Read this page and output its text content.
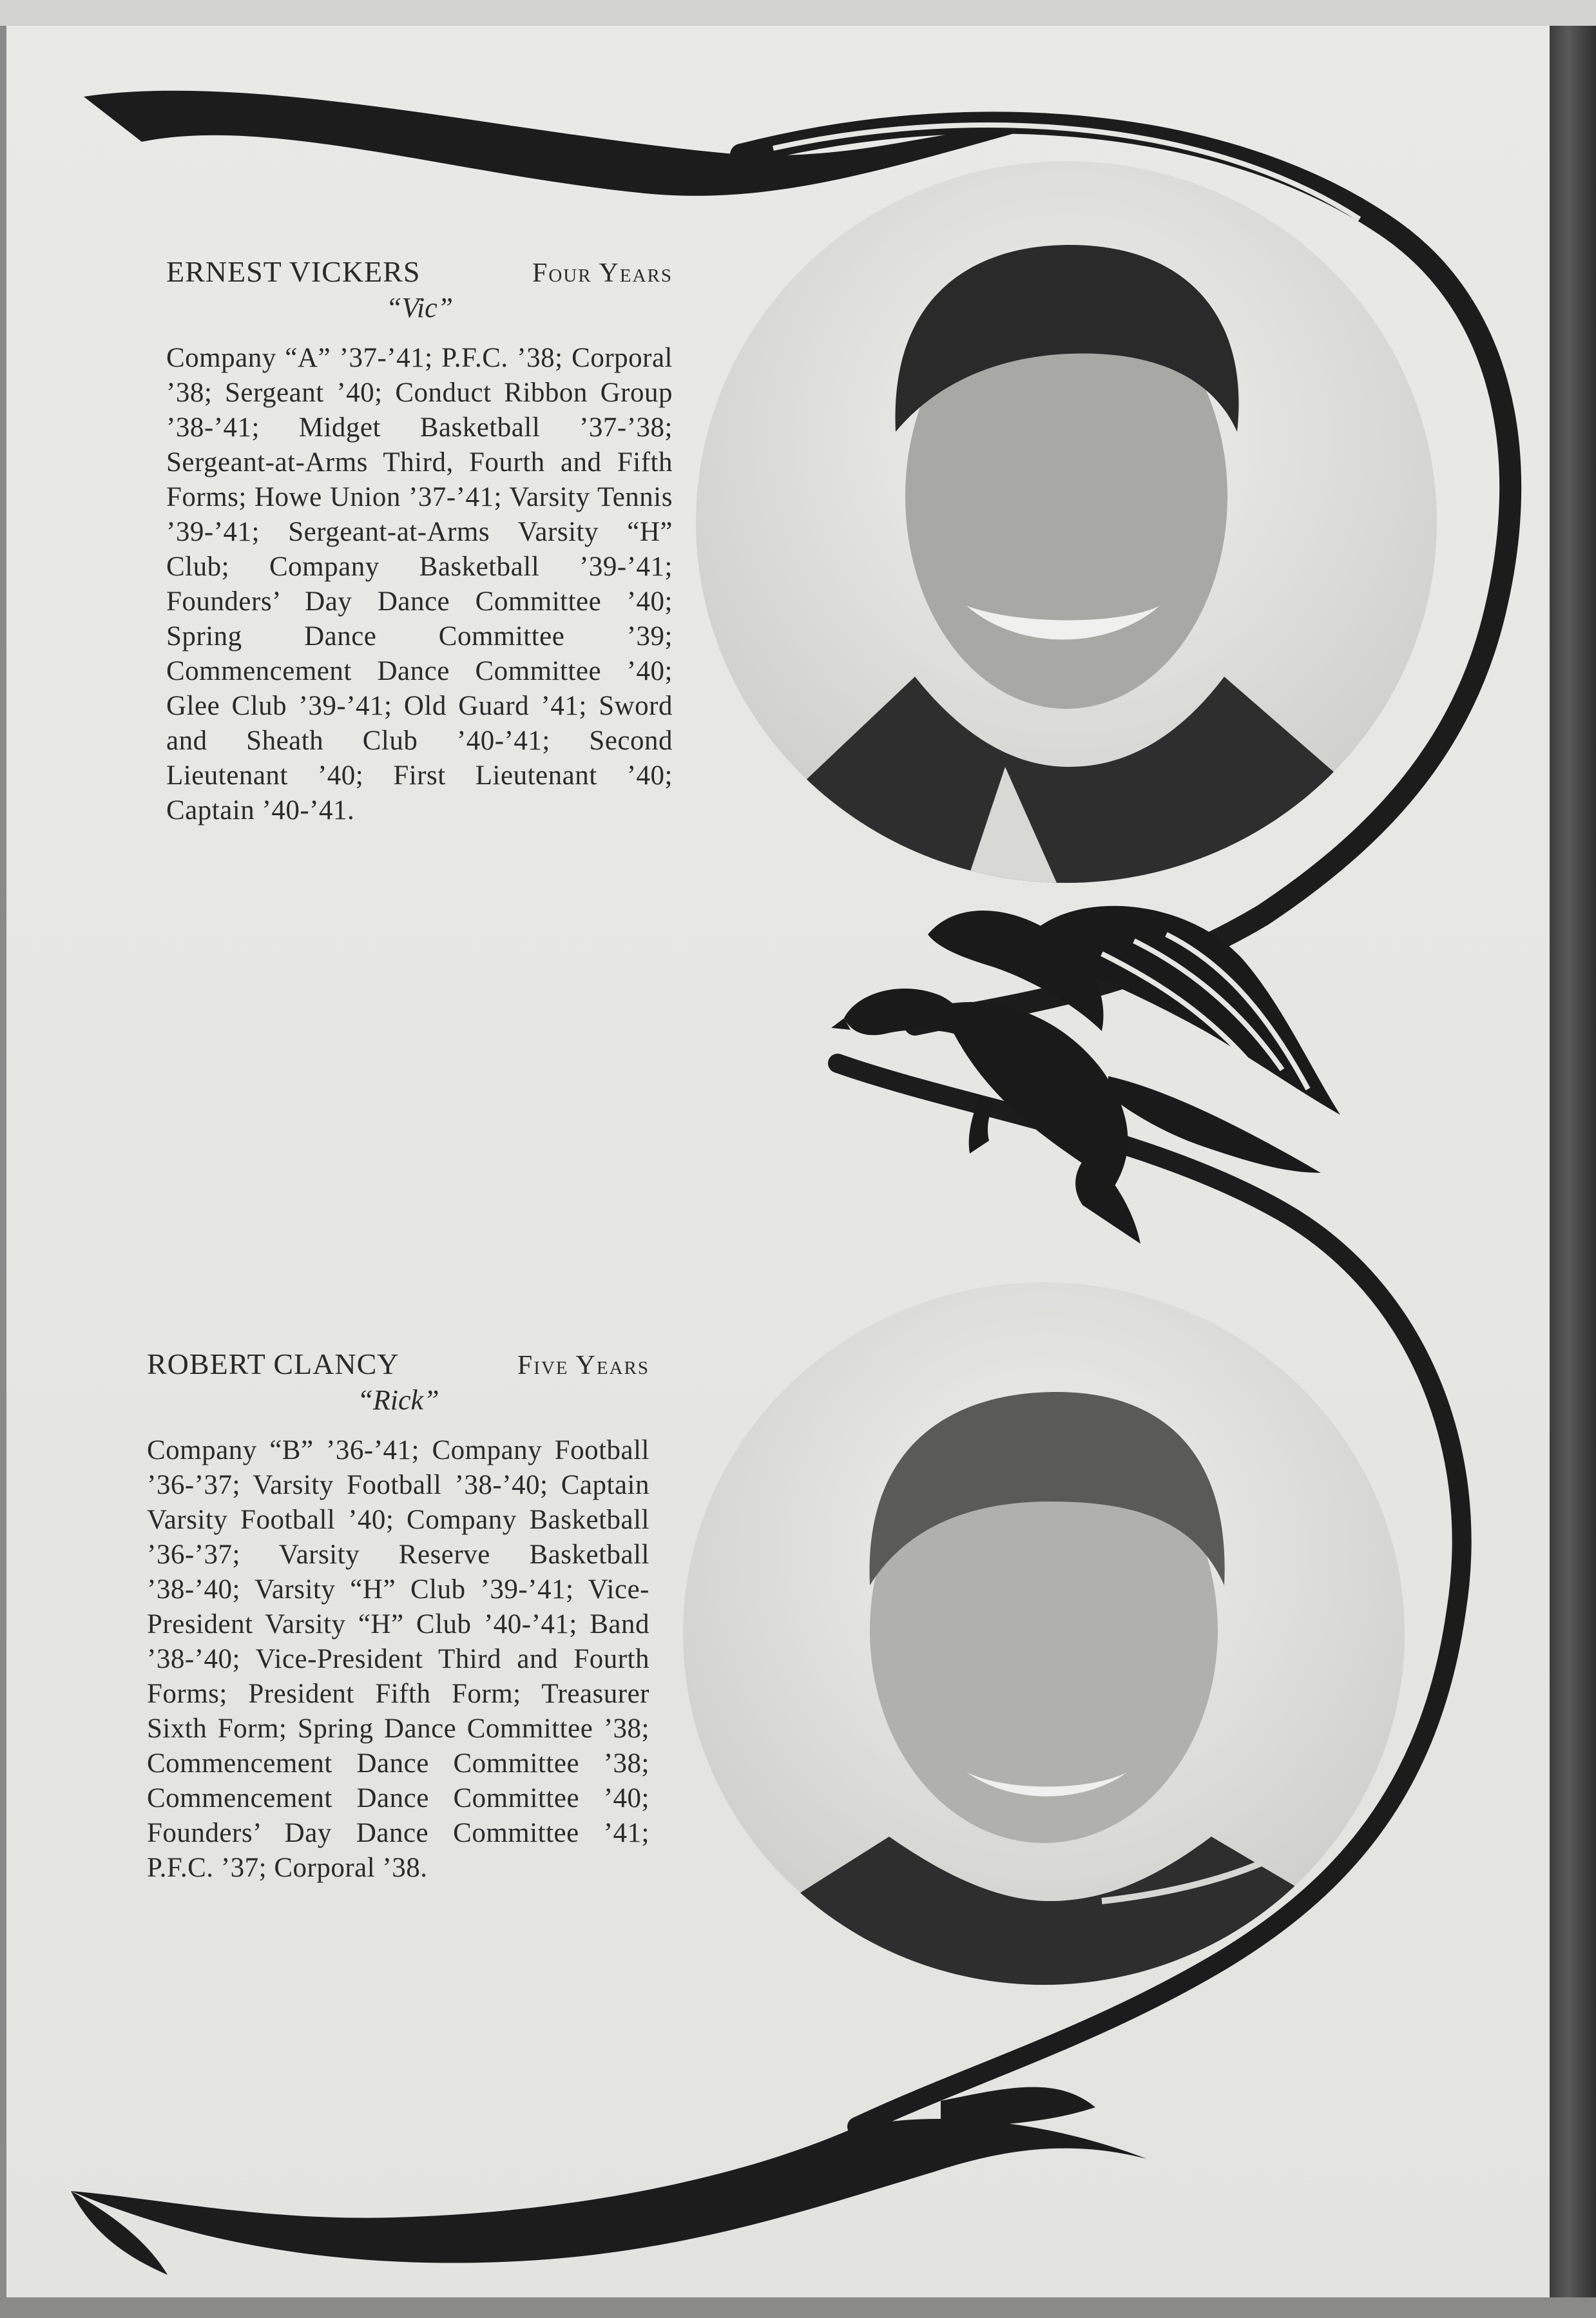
ERNEST VICKERS	Four Years
“Vic”
Company “A” ’37-’41; P.F.C. ’38; Corporal ’38; Sergeant ’40; Conduct Ribbon Group ’38-’41; Midget Basketball ’37-’38; Sergeant-at-Arms Third, Fourth and Fifth Forms; Howe Union ’37-’41; Varsity Tennis ’39-’41; Sergeant-at-Arms Varsity “H” Club; Company Basketball ’39-’41; Founders’ Day Dance Committee ’40; Spring Dance Committee ’39; Commencement Dance Committee ’40; Glee Club ’39-’41; Old Guard ’41; Sword and Sheath Club ’40-’41; Second Lieutenant ’40; First Lieutenant ’40; Captain ’40-’41.
ROBERT CLANCY	Five Years
“Rick”
Company “B” ’36-’41; Company Football ’36-’37; Varsity Football ’38-’40; Captain Varsity Football ’40; Company Basketball ’36-’37; Varsity Reserve Basketball ’38-’40; Varsity “H” Club ’39-’41; Vice-President Varsity “H” Club ’40-’41; Band ’38-’40; Vice-President Third and Fourth Forms; President Fifth Form; Treasurer Sixth Form; Spring Dance Committee ’38; Commencement Dance Committee ’38; Commencement Dance Committee ’40; Founders’ Day Dance Committee ’41; P.F.C. ’37; Corporal ’38.
